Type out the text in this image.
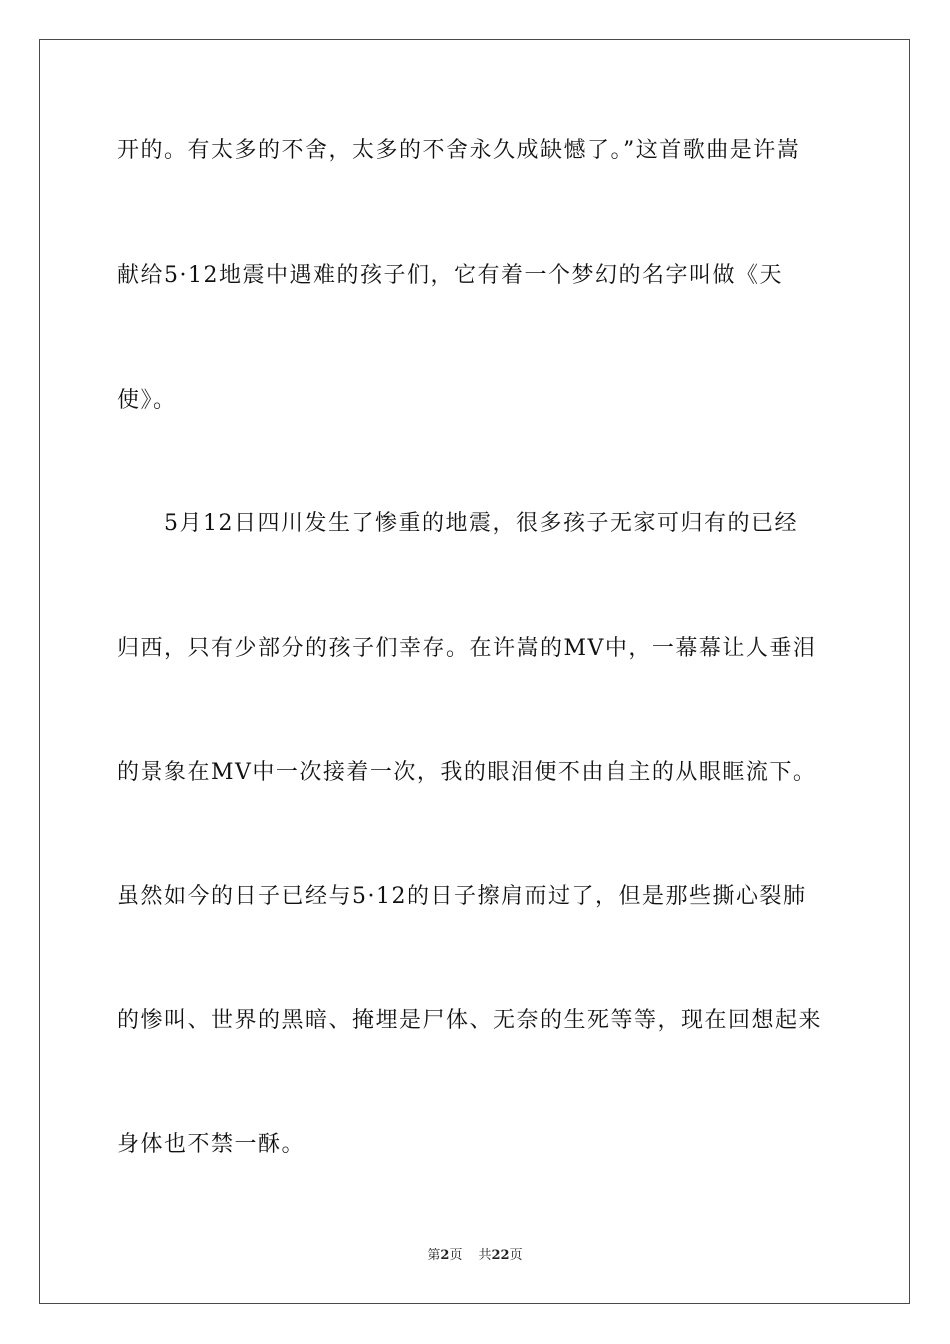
开的。有太多的不舍，太多的不舍永久成缺憾了。”这首歌曲是许嵩
献给5·12地震中遇难的孩子们，它有着一个梦幻的名字叫做《天
使》。
5月12日四川发生了惨重的地震，很多孩子无家可归有的已经
归西，只有少部分的孩子们幸存。在许嵩的MV中，一幕幕让人垂泪
的景象在MV中一次接着一次，我的眼泪便不由自主的从眼眶流下。
虽然如今的日子已经与5·12的日子擦肩而过了，但是那些撕心裂肺
的惨叫、世界的黑暗、掩埋是尸体、无奈的生死等等，现在回想起来
身体也不禁一酥。
第2页 共22页
